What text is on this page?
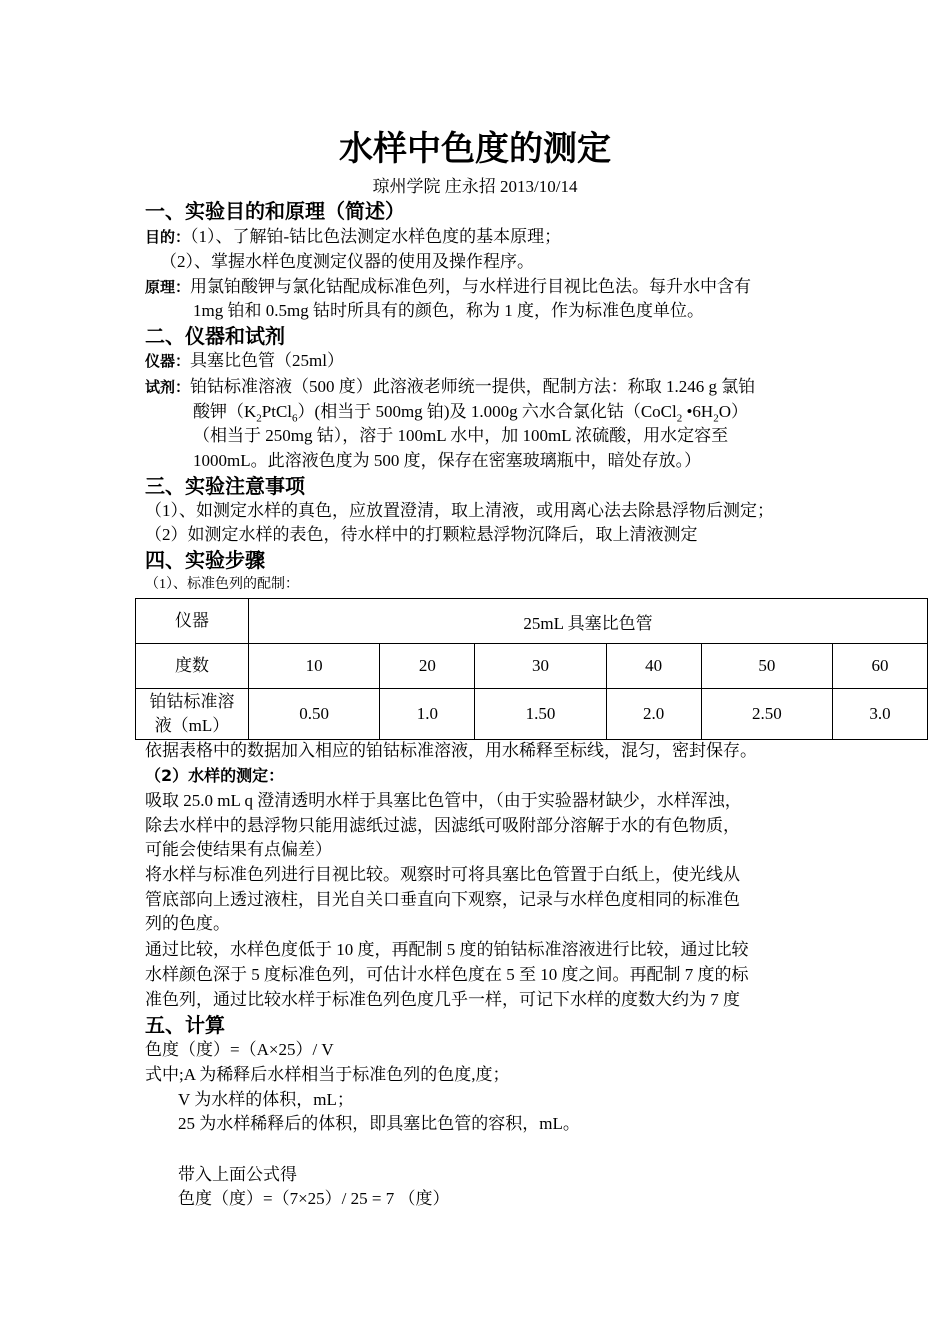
水样中色度的测定
琼州学院 庄永招 2013/10/14
一、实验目的和原理（简述）
目的：（1）、了解铂-钴比色法测定水样色度的基本原理；
（2）、掌握水样色度测定仪器的使用及操作程序。
原理：用氯铂酸钾与氯化钴配成标准色列，与水样进行目视比色法。每升水中含有
1mg 铂和 0.5mg 钴时所具有的颜色，称为 1 度，作为标准色度单位。
二、仪器和试剂
仪器：具塞比色管（25ml）
试剂：铂钴标准溶液（500 度）此溶液老师统一提供，配制方法：称取 1.246 g 氯铂
酸钾$(K_2PtCl_6)$(相当于 500mg 铂)及 1.000g 六水合氯化钴（CoCl$_2$ $•6H_2O$）
（相当于 250mg 钴），溶于 100mL 水中，加 100mL 浓硫酸，用水定容至
1000mL。此溶液色度为 500 度，保存在密塞玻璃瓶中，暗处存放。）
三、实验注意事项
（1）、如测定水样的真色，应放置澄清，取上清液，或用离心法去除悬浮物后测定；
（2）如测定水样的表色，待水样中的打颗粒悬浮物沉降后，取上清液测定
四、实验步骤
（1）、标准色列的配制：
仪器	25mL 具塞比色管					
度数	10	20	30	40	50	60
铂钴标准溶
液（mL）	0.50	1.0	1.50	2.0	2.50	3.0
依据表格中的数据加入相应的铂钴标准溶液，用水稀释至标线，混匀，密封保存。
（2）水样的测定：
吸取 25.0 mL q 澄清透明水样于具塞比色管中，（由于实验器材缺少，水样浑浊，
除去水样中的悬浮物只能用滤纸过滤，因滤纸可吸附部分溶解于水的有色物质，
可能会使结果有点偏差）
将水样与标准色列进行目视比较。观察时可将具塞比色管置于白纸上，使光线从
管底部向上透过液柱，目光自关口垂直向下观察，记录与水样色度相同的标准色
列的色度。
通过比较，水样色度低于 10 度，再配制 5 度的铂钴标准溶液进行比较，通过比较
水样颜色深于 5 度标准色列，可估计水样色度在 5 至 10 度之间。再配制 7 度的标
准色列，通过比较水样于标准色列色度几乎一样，可记下水样的度数大约为 7 度
五、计算
色度（度）=（A×25）/ V
式中;A 为稀释后水样相当于标准色列的色度,度；
V 为水样的体积，mL；
25 为水样稀释后的体积，即具塞比色管的容积，mL。
带入上面公式得
色度（度）=（7×25）/ 25 = 7 （度）
